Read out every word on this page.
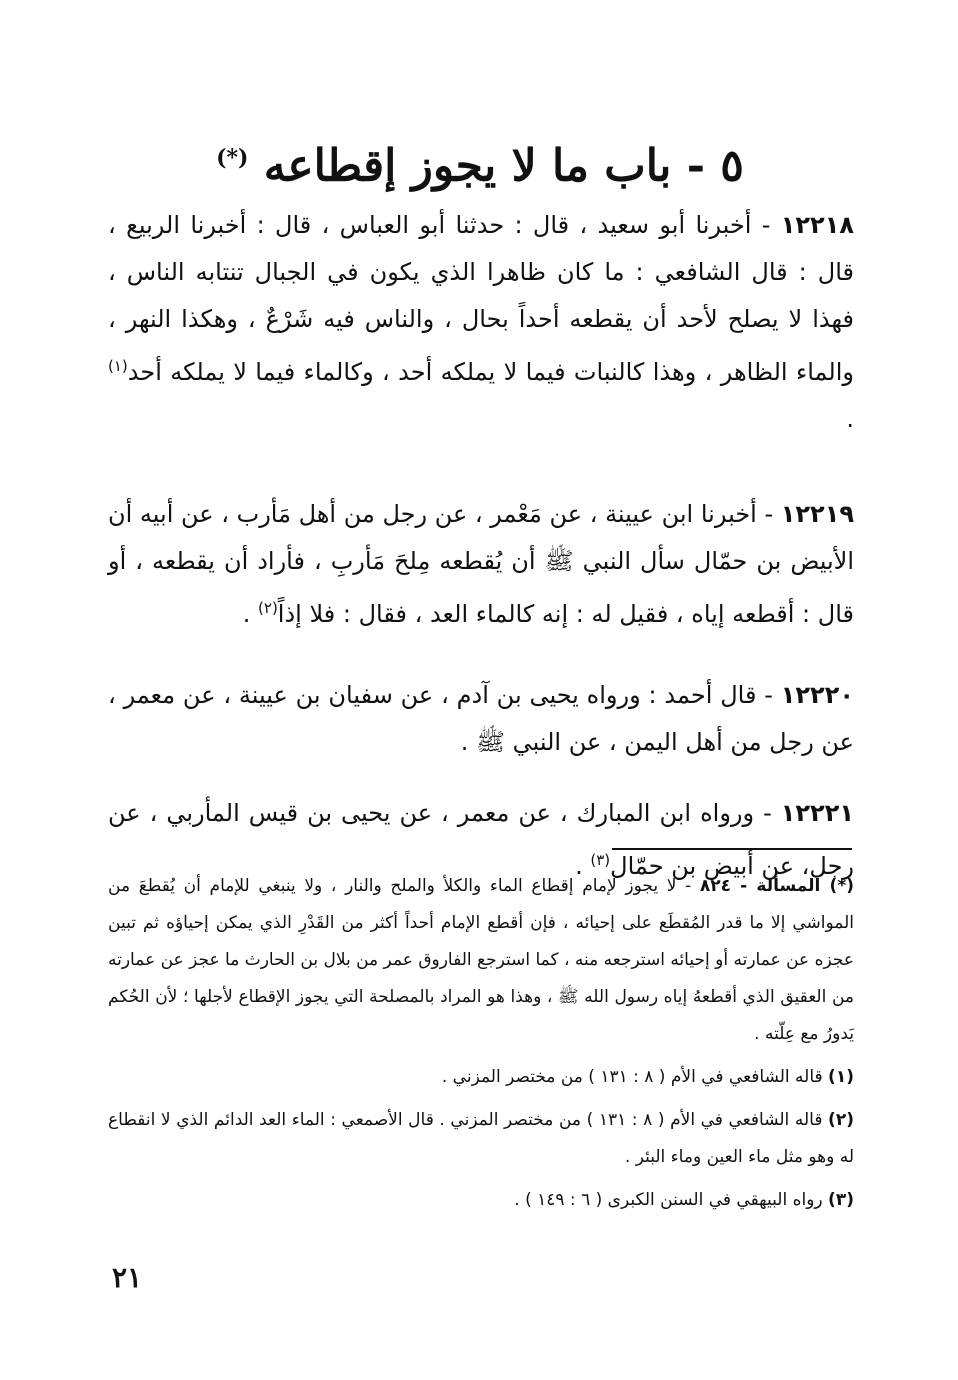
٥ - باب ما لا يجوز إقطاعه (*)
١٢٢١٨ - أخبرنا أبو سعيد ، قال : حدثنا أبو العباس ، قال : أخبرنا الربيع ، قال : قال الشافعي : ما كان ظاهرا الذي يكون في الجبال تنتابه الناس ، فهذا لا يصلح لأحد أن يقطعه أحداً بحال ، والناس فيه شَرْعٌ ، وهكذا النهر ، والماء الظاهر ، وهذا كالنبات فيما لا يملكه أحد ، وكالماء فيما لا يملكه أحد$^{(١)}$ .
١٢٢١٩ - أخبرنا ابن عيينة ، عن مَعْمر ، عن رجل من أهل مَأرب ، عن أبيه أن الأبيض بن حمّال سأل النبي ﷺ أن يُقطعه مِلحَ مَأربِ ، فأراد أن يقطعه ، أو قال : أقطعه إياه ، فقيل له : إنه كالماء العد ، فقال : فلا إذاً$^{(٢)}$ .
١٢٢٢٠ - قال أحمد : ورواه يحيى بن آدم ، عن سفيان بن عيينة ، عن معمر ، عن رجل من أهل اليمن ، عن النبي ﷺ .
١٢٢٢١ - ورواه ابن المبارك ، عن معمر ، عن يحيى بن قيس المأربي ، عن رجل، عن أبيض بن حمّال$^{(٣)}$ .
(*) المسألة - ٨٢٤ - لا يجوز لإمام إقطاع الماء والكلأ والملح والنار ، ولا ينبغي للإمام أن يُقطعَ من المواشي إلا ما قدر المُقطَع على إحيائه ، فإن أقطع الإمام أحداً أكثر من القَدْرِ الذي يمكن إحياؤه ثم تبين عجزه عن عمارته أو إحيائه استرجعه منه ، كما استرجع الفاروق عمر من بلال بن الحارث ما عجز عن عمارته من العقيق الذي أقطعهُ إياه رسول الله ﷺ ، وهذا هو المراد بالمصلحة التي يجوز الإقطاع لأجلها ؛ لأن الحُكم يَدورُ مع عِلّته .
(١) قاله الشافعي في الأم ( ٨ : ١٣١ ) من مختصر المزني .
(٢) قاله الشافعي في الأم ( ٨ : ١٣١ ) من مختصر المزني . قال الأصمعي : الماء العد الدائم الذي لا انقطاع له وهو مثل ماء العين وماء البئر .
(٣) رواه البيهقي في السنن الكبرى ( ٦ : ١٤٩ ) .
٢١
